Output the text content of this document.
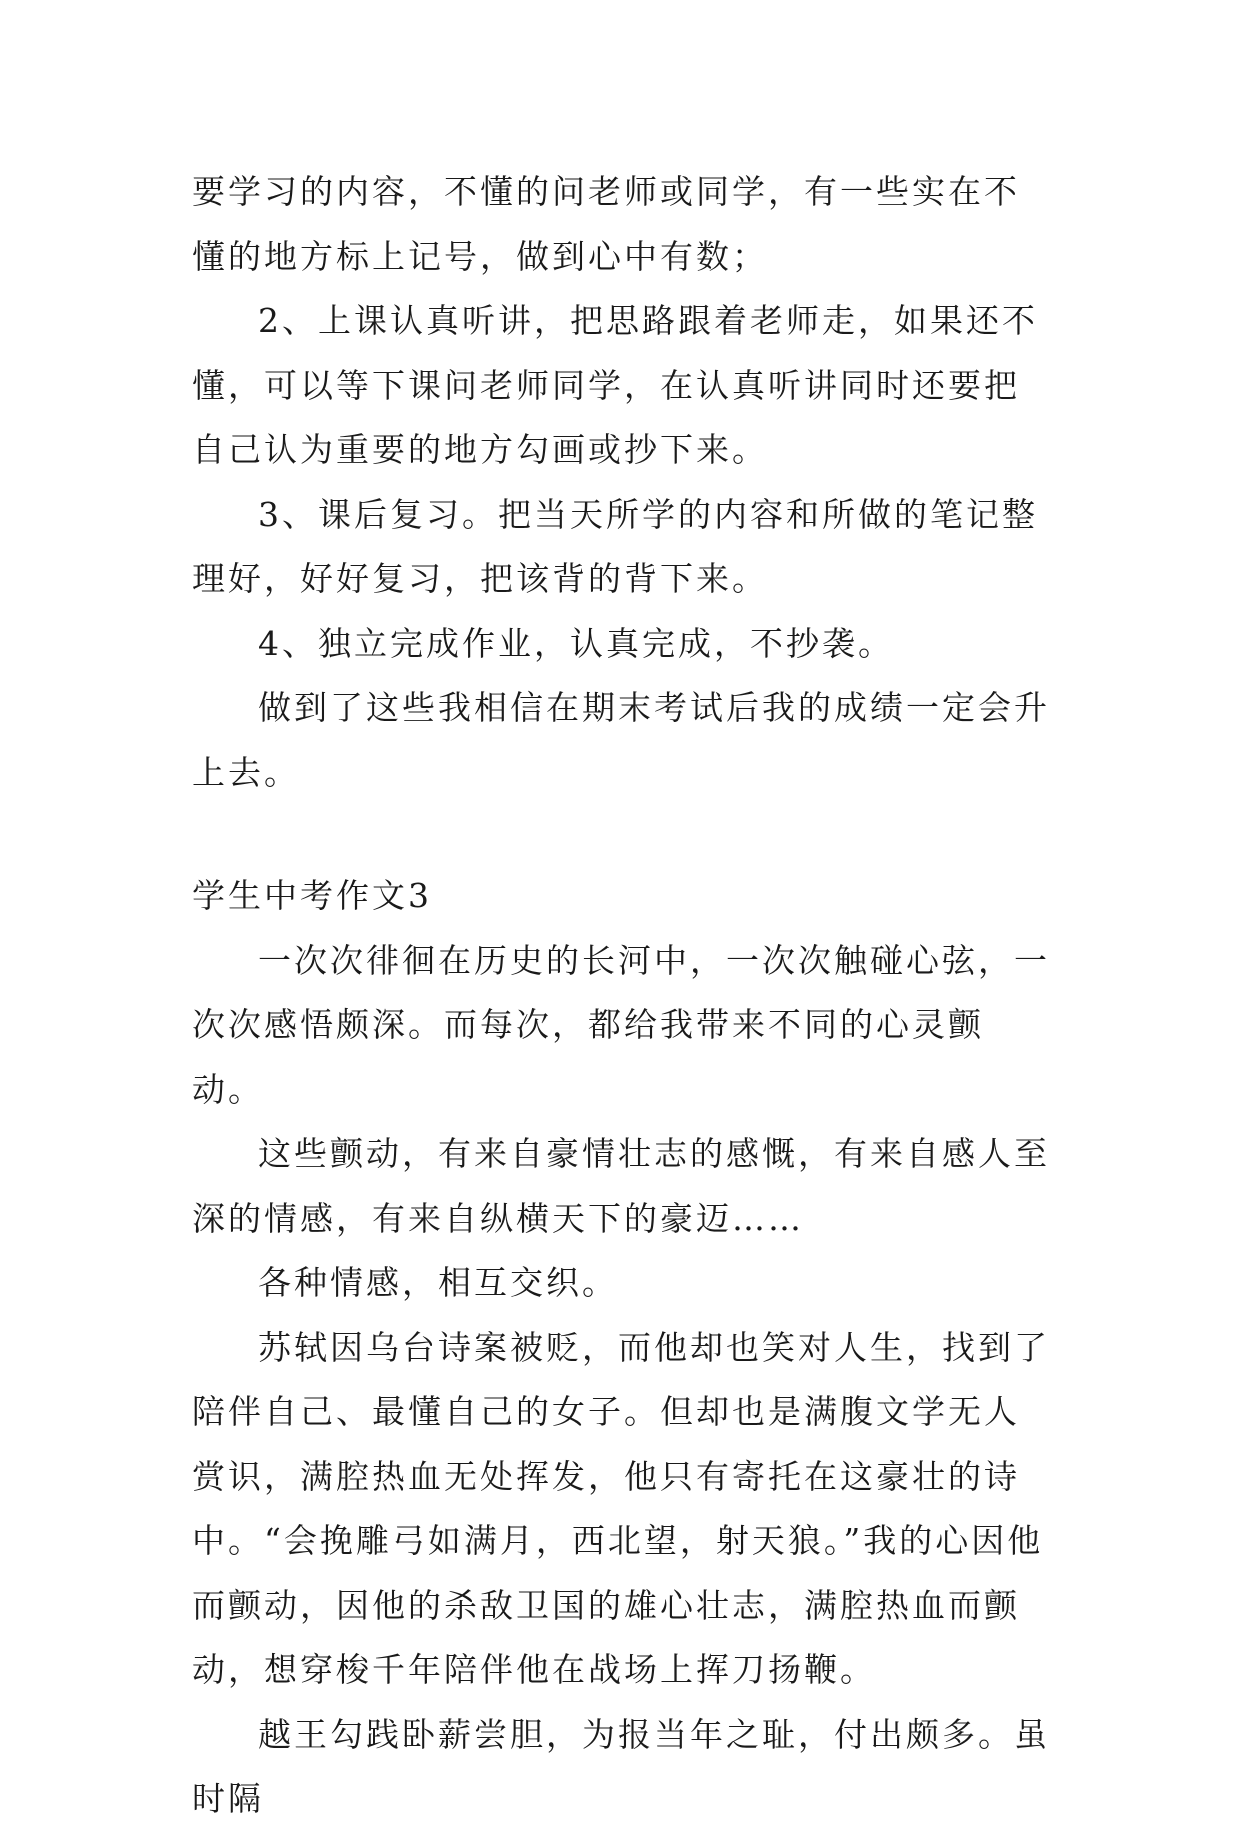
要学习的内容，不懂的问老师或同学，有一些实在不懂的地方标上记号，做到心中有数；

2、上课认真听讲，把思路跟着老师走，如果还不懂，可以等下课问老师同学，在认真听讲同时还要把自己认为重要的地方勾画或抄下来。

3、课后复习。把当天所学的内容和所做的笔记整理好，好好复习，把该背的背下来。

4、独立完成作业，认真完成，不抄袭。

做到了这些我相信在期末考试后我的成绩一定会升上去。

学生中考作文3

一次次徘徊在历史的长河中，一次次触碰心弦，一次次感悟颇深。而每次，都给我带来不同的心灵颤动。

这些颤动，有来自豪情壮志的感慨，有来自感人至深的情感，有来自纵横天下的豪迈……

各种情感，相互交织。

苏轼因乌台诗案被贬，而他却也笑对人生，找到了陪伴自己、最懂自己的女子。但却也是满腹文学无人赏识，满腔热血无处挥发，他只有寄托在这豪壮的诗中。“会挽雕弓如满月，西北望，射天狼。”我的心因他而颤动，因他的杀敌卫国的雄心壮志，满腔热血而颤动，想穿梭千年陪伴他在战场上挥刀扬鞭。

越王勾践卧薪尝胆，为报当年之耻，付出颇多。虽时隔
